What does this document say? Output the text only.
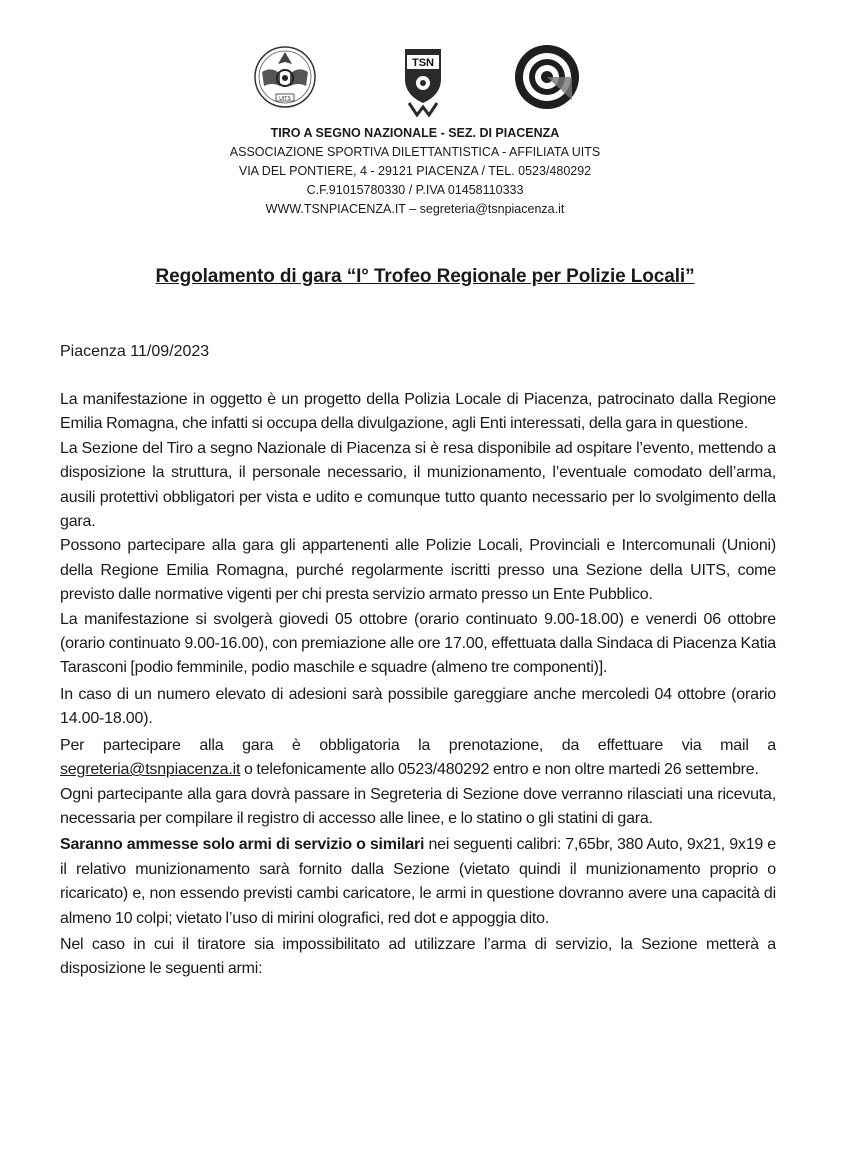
UITS
TSN
TIRO A SEGNO NAZIONALE - SEZ. DI PIACENZA
ASSOCIAZIONE SPORTIVA DILETTANTISTICA - AFFILIATA UITS
VIA DEL PONTIERE, 4 - 29121 PIACENZA / TEL. 0523/480292
C.F.91015780330 / P.IVA 01458110333
WWW.TSNPIACENZA.IT – segreteria@tsnpiacenza.it
Regolamento di gara “I° Trofeo Regionale per Polizie Locali”
Piacenza 11/09/2023

La manifestazione in oggetto è un progetto della Polizia Locale di Piacenza, patrocinato dalla Regione Emilia Romagna, che infatti si occupa della divulgazione, agli Enti interessati, della gara in questione.

La Sezione del Tiro a segno Nazionale di Piacenza si è resa disponibile ad ospitare l’evento, mettendo a disposizione la struttura, il personale necessario, il munizionamento, l’eventuale comodato dell’arma, ausili protettivi obbligatori per vista e udito e comunque tutto quanto necessario per lo svolgimento della gara.

Possono partecipare alla gara gli appartenenti alle Polizie Locali, Provinciali e Intercomunali (Unioni) della Regione Emilia Romagna, purché regolarmente iscritti presso una Sezione della UITS, come previsto dalle normative vigenti per chi presta servizio armato presso un Ente Pubblico.

La manifestazione si svolgerà giovedi 05 ottobre (orario continuato 9.00-18.00) e venerdi 06 ottobre (orario continuato 9.00-16.00), con premiazione alle ore 17.00, effettuata dalla Sindaca di Piacenza Katia Tarasconi [podio femminile, podio maschile e squadre (almeno tre componenti)].

In caso di un numero elevato di adesioni sarà possibile gareggiare anche mercoledi 04 ottobre (orario 14.00-18.00).

Per partecipare alla gara è obbligatoria la prenotazione, da effettuare via mail a segreteria@tsnpiacenza.it o telefonicamente allo 0523/480292 entro e non oltre martedi 26 settembre.

Ogni partecipante alla gara dovrà passare in Segreteria di Sezione dove verranno rilasciati una ricevuta, necessaria per compilare il registro di accesso alle linee, e lo statino o gli statini di gara.

Saranno ammesse solo armi di servizio o similari nei seguenti calibri: 7,65br, 380 Auto, 9x21, 9x19 e il relativo munizionamento sarà fornito dalla Sezione (vietato quindi il munizionamento proprio o ricaricato) e, non essendo previsti cambi caricatore, le armi in questione dovranno avere una capacità di almeno 10 colpi; vietato l’uso di mirini olografici, red dot e appoggia dito.

Nel caso in cui il tiratore sia impossibilitato ad utilizzare l’arma di servizio, la Sezione metterà a disposizione le seguenti armi:
